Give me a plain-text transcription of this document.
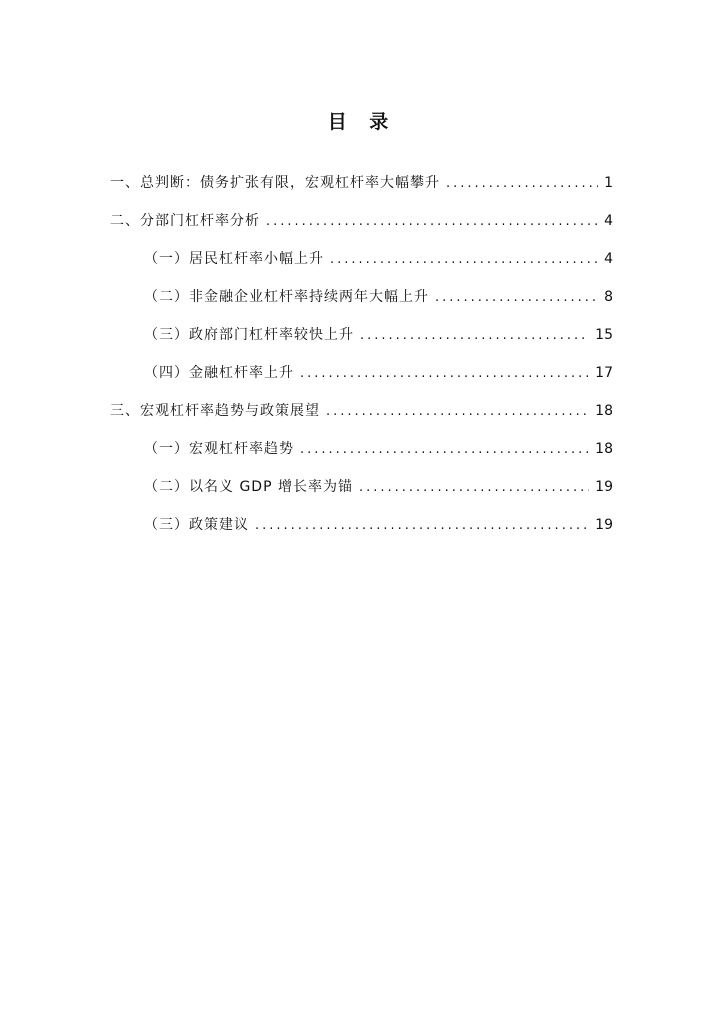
目 录
一、总判断：债务扩张有限，宏观杠杆率大幅攀升 .....	1
二、分部门杠杆率分析 .....	4
（一）居民杠杆率小幅上升 .....	4
（二）非金融企业杠杆率持续两年大幅上升 .....	8
（三）政府部门杠杆率较快上升 .....	15
（四）金融杠杆率上升 .....	17
三、宏观杠杆率趋势与政策展望 .....	18
（一）宏观杠杆率趋势 .....	18
（二）以名义 GDP 增长率为锚 .....	19
（三）政策建议 .....	19
